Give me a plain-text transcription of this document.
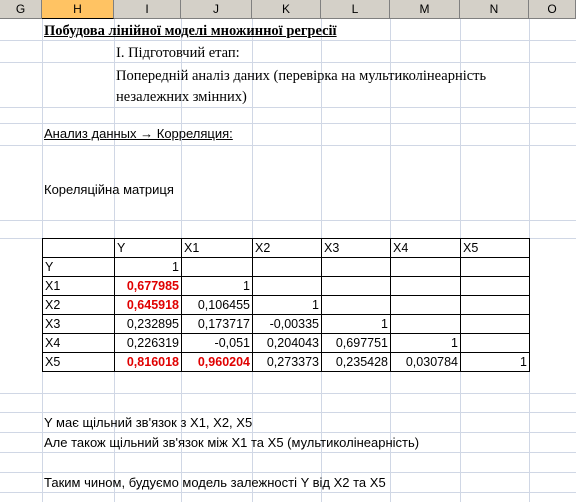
G	H	I	J	K	L	M	N	O
Побудова лінійної моделі множинної регресії
І. Підготовчий етап:
Попередній аналіз даних (перевірка на мультиколінеарність
незалежних змінних)
Анализ данных → Корреляция:
Кореляційна матриця
	Y	X1	X2	X3	X4	X5
Y	1					
X1	0,677985	1				
X2	0,645918	0,106455	1			
X3	0,232895	0,173717	-0,00335	1		
X4	0,226319	-0,051	0,204043	0,697751	1	
X5	0,816018	0,960204	0,273373	0,235428	0,030784	1
Y має щільний зв'язок з X1, X2, X5
Але також щільний зв'язок між X1 та X5 (мультиколінеарність)
Таким чином, будуємо модель залежності Y від X2 та X5
